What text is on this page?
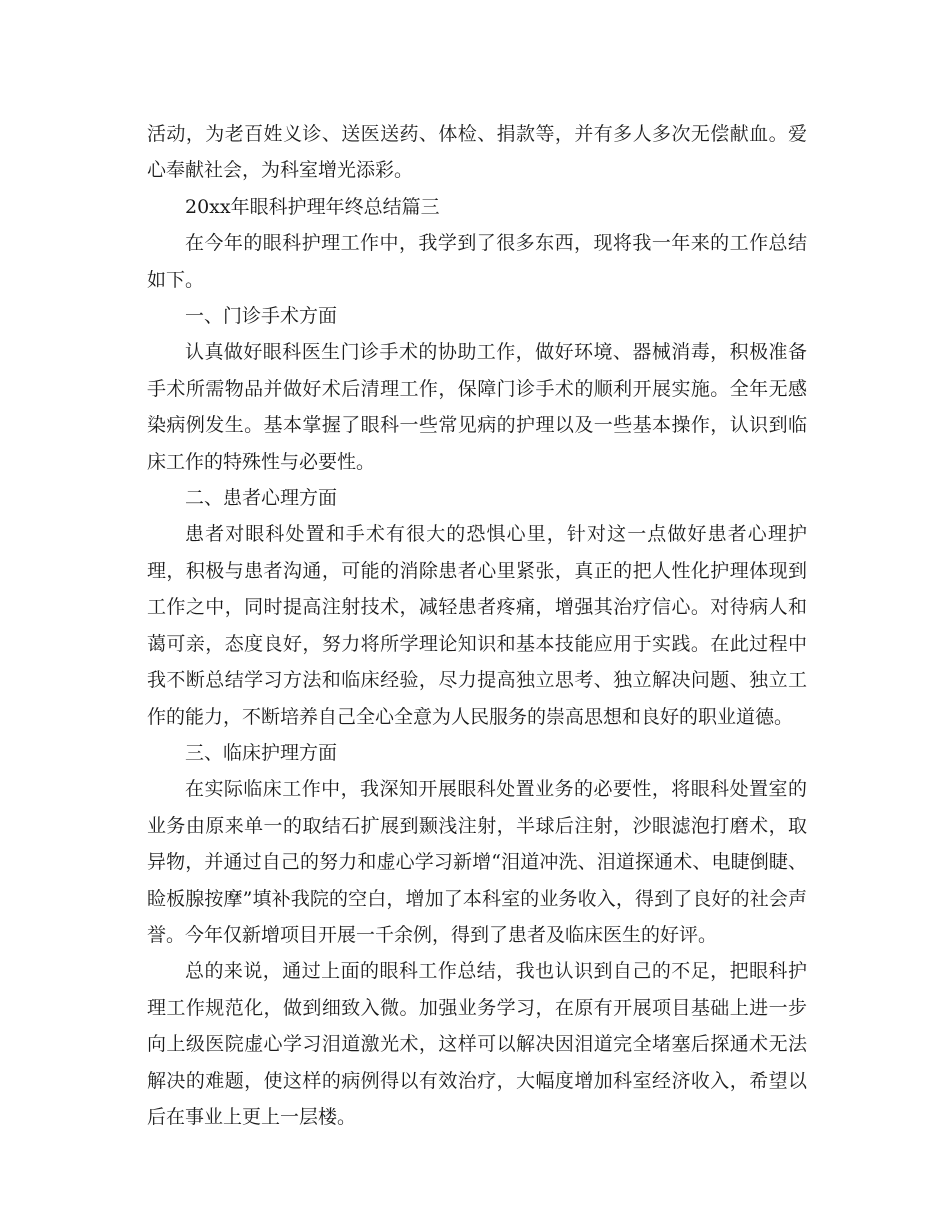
活动，为老百姓义诊、送医送药、体检、捐款等，并有多人多次无偿献血。爱心奉献社会，为科室增光添彩。

20xx年眼科护理年终总结篇三

在今年的眼科护理工作中，我学到了很多东西，现将我一年来的工作总结如下。

一、门诊手术方面

认真做好眼科医生门诊手术的协助工作，做好环境、器械消毒，积极准备手术所需物品并做好术后清理工作，保障门诊手术的顺利开展实施。全年无感染病例发生。基本掌握了眼科一些常见病的护理以及一些基本操作，认识到临床工作的特殊性与必要性。

二、患者心理方面

患者对眼科处置和手术有很大的恐惧心里，针对这一点做好患者心理护理，积极与患者沟通，可能的消除患者心里紧张，真正的把人性化护理体现到工作之中，同时提高注射技术，减轻患者疼痛，增强其治疗信心。对待病人和蔼可亲，态度良好，努力将所学理论知识和基本技能应用于实践。在此过程中我不断总结学习方法和临床经验，尽力提高独立思考、独立解决问题、独立工作的能力，不断培养自己全心全意为人民服务的崇高思想和良好的职业道德。

三、临床护理方面

在实际临床工作中，我深知开展眼科处置业务的必要性，将眼科处置室的业务由原来单一的取结石扩展到颞浅注射，半球后注射，沙眼滤泡打磨术，取异物，并通过自己的努力和虚心学习新增“泪道冲洗、泪道探通术、电睫倒睫、睑板腺按摩”填补我院的空白，增加了本科室的业务收入，得到了良好的社会声誉。今年仅新增项目开展一千余例，得到了患者及临床医生的好评。

总的来说，通过上面的眼科工作总结，我也认识到自己的不足，把眼科护理工作规范化，做到细致入微。加强业务学习，在原有开展项目基础上进一步向上级医院虚心学习泪道激光术，这样可以解决因泪道完全堵塞后探通术无法解决的难题，使这样的病例得以有效治疗，大幅度增加科室经济收入，希望以后在事业上更上一层楼。
